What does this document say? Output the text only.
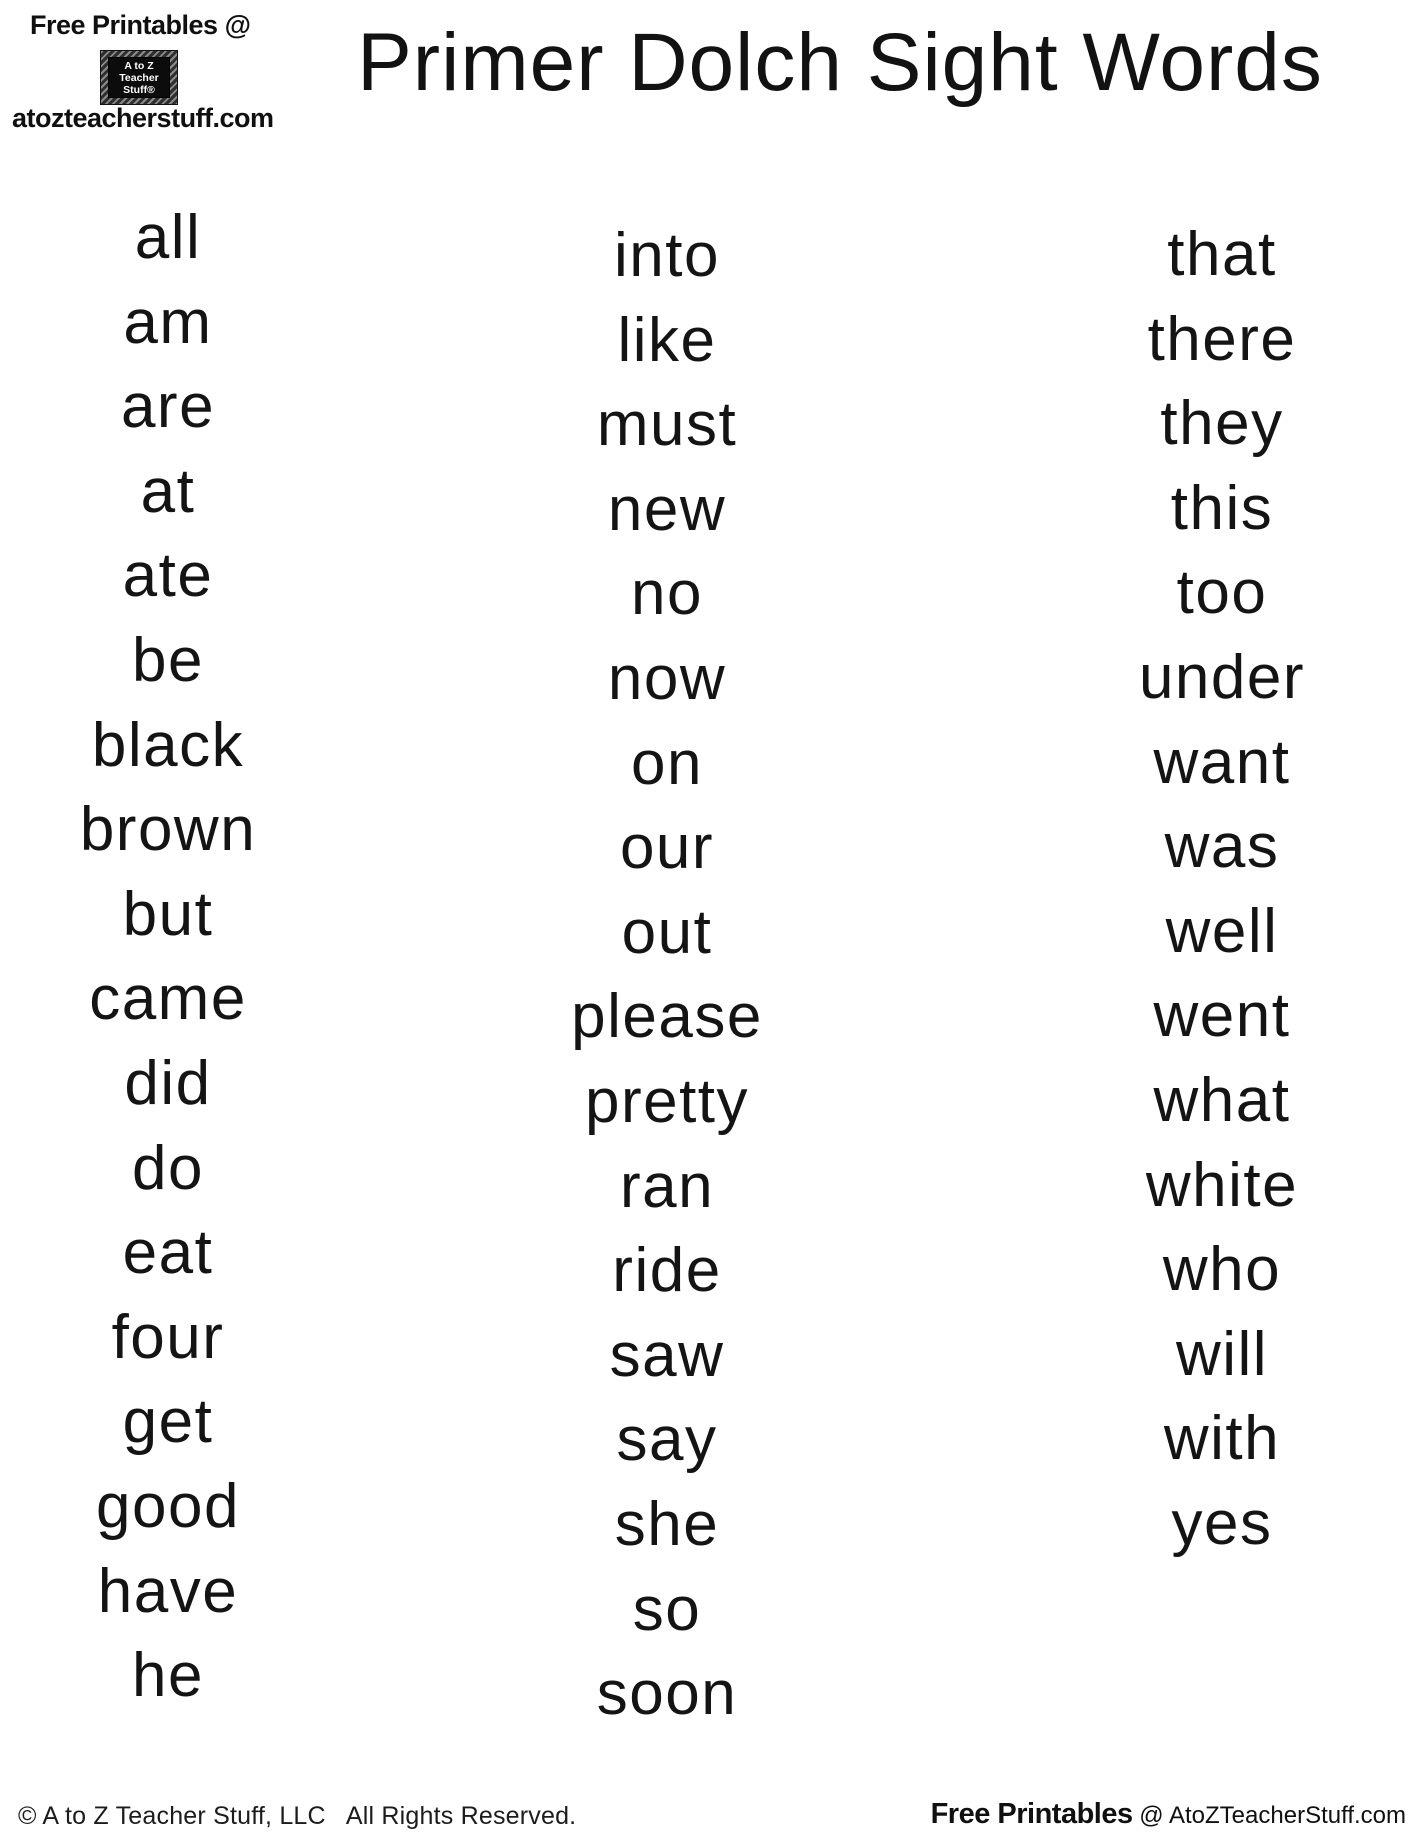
Free Printables @
A to Z
Teacher
Stuff®
atozteacherstuff.com
Primer Dolch Sight Words
all
am
are
at
ate
be
black
brown
but
came
did
do
eat
four
get
good
have
he
into
like
must
new
no
now
on
our
out
please
pretty
ran
ride
saw
say
she
so
soon
that
there
they
this
too
under
want
was
well
went
what
white
who
will
with
yes
© A to Z Teacher Stuff, LLC   All Rights Reserved.	Free Printables @ AtoZTeacherStuff.com
